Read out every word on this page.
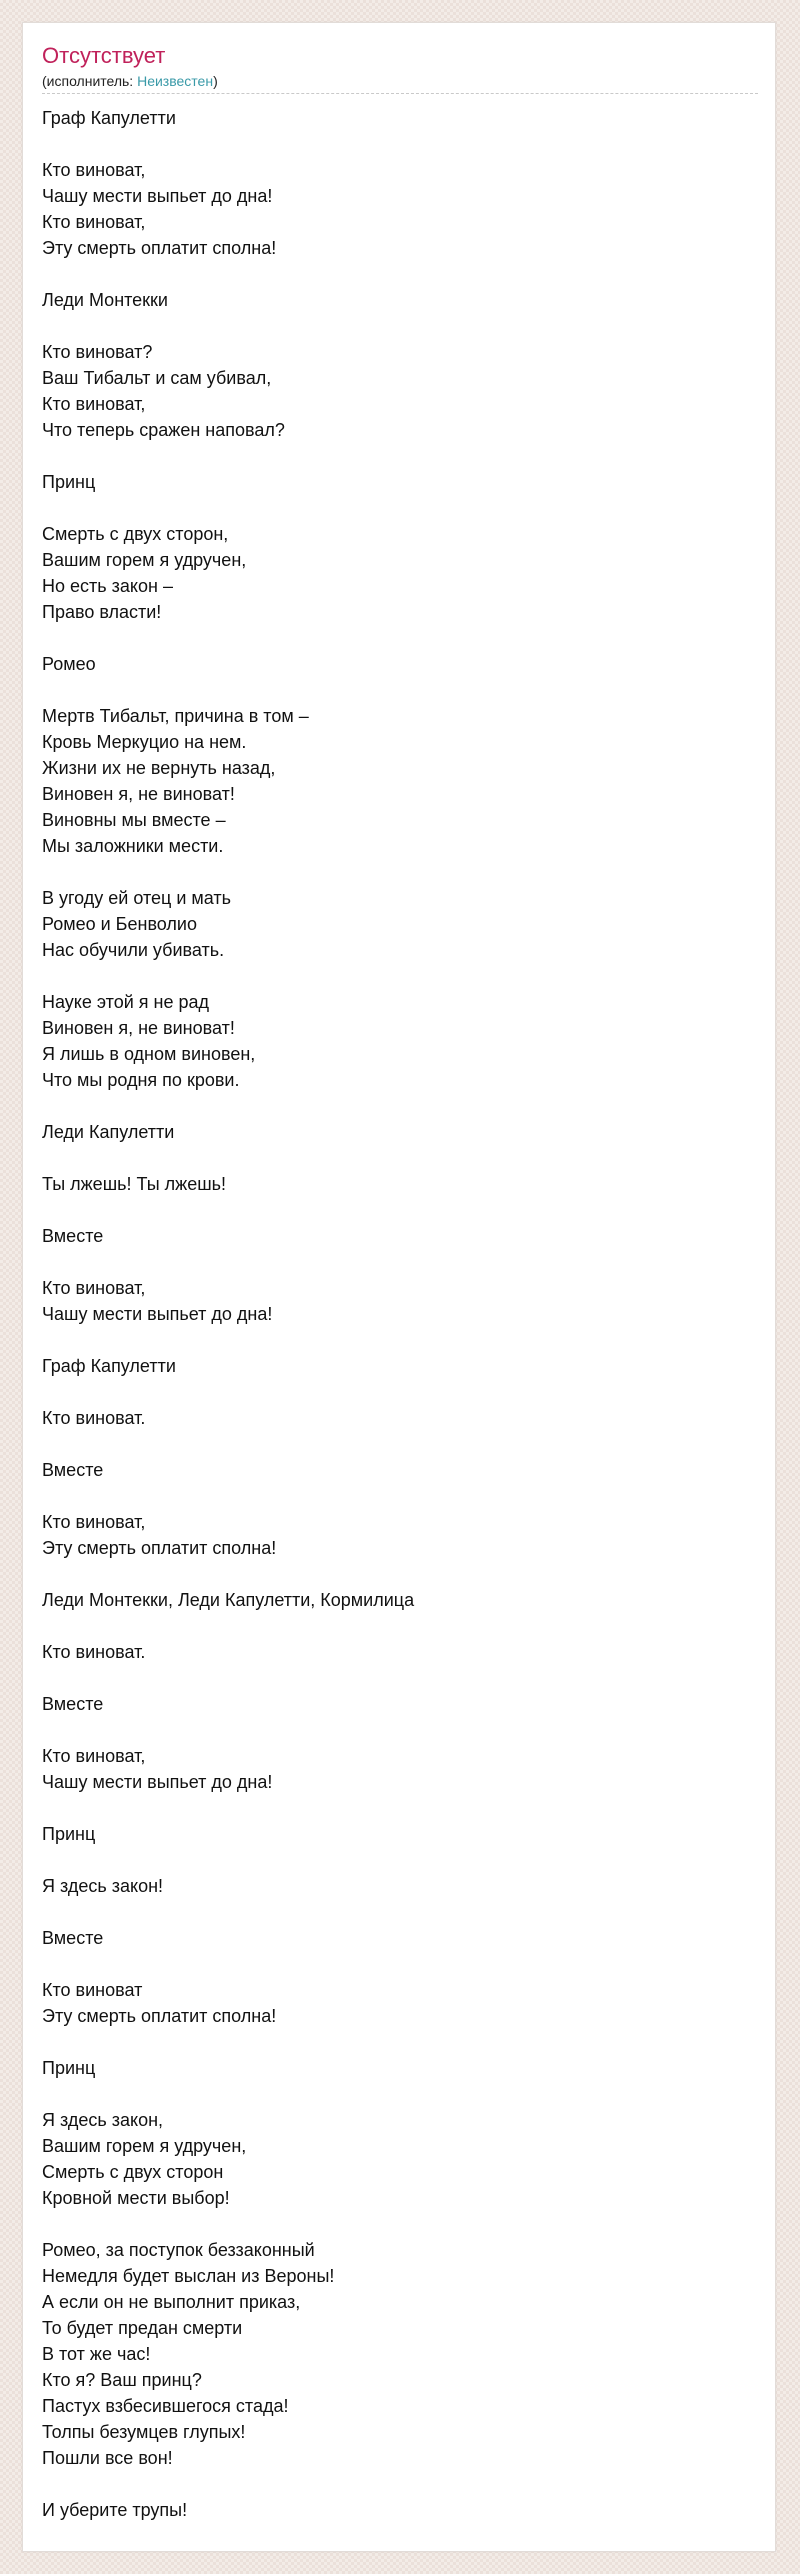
Отсутствует
(исполнитель: Неизвестен)
Граф Капулетти
Кто виноват,
Чашу мести выпьет до дна!
Кто виноват,
Эту смерть оплатит сполна!
Леди Монтекки
Кто виноват?
Ваш Тибальт и сам убивал,
Кто виноват,
Что теперь сражен наповал?
Принц
Смерть с двух сторон,
Вашим горем я удручен,
Но есть закон –
Право власти!
Ромео
Мертв Тибальт, причина в том –
Кровь Меркуцио на нем.
Жизни их не вернуть назад,
Виновен я, не виноват!
Виновны мы вместе –
Мы заложники мести.
В угоду ей отец и мать
Ромео и Бенволио
Нас обучили убивать.
Науке этой я не рад
Виновен я, не виноват!
Я лишь в одном виновен,
Что мы родня по крови.
Леди Капулетти
Ты лжешь! Ты лжешь!
Вместе
Кто виноват,
Чашу мести выпьет до дна!
Граф Капулетти
Кто виноват.
Вместе
Кто виноват,
Эту смерть оплатит сполна!
Леди Монтекки, Леди Капулетти, Кормилица
Кто виноват.
Вместе
Кто виноват,
Чашу мести выпьет до дна!
Принц
Я здесь закон!
Вместе
Кто виноват
Эту смерть оплатит сполна!
Принц
Я здесь закон,
Вашим горем я удручен,
Смерть с двух сторон
Кровной мести выбор!
Ромео, за поступок беззаконный
Немедля будет выслан из Вероны!
А если он не выполнит приказ,
То будет предан смерти
В тот же час!
Кто я? Ваш принц?
Пастух взбесившегося стада!
Толпы безумцев глупых!
Пошли все вон!
И уберите трупы!
